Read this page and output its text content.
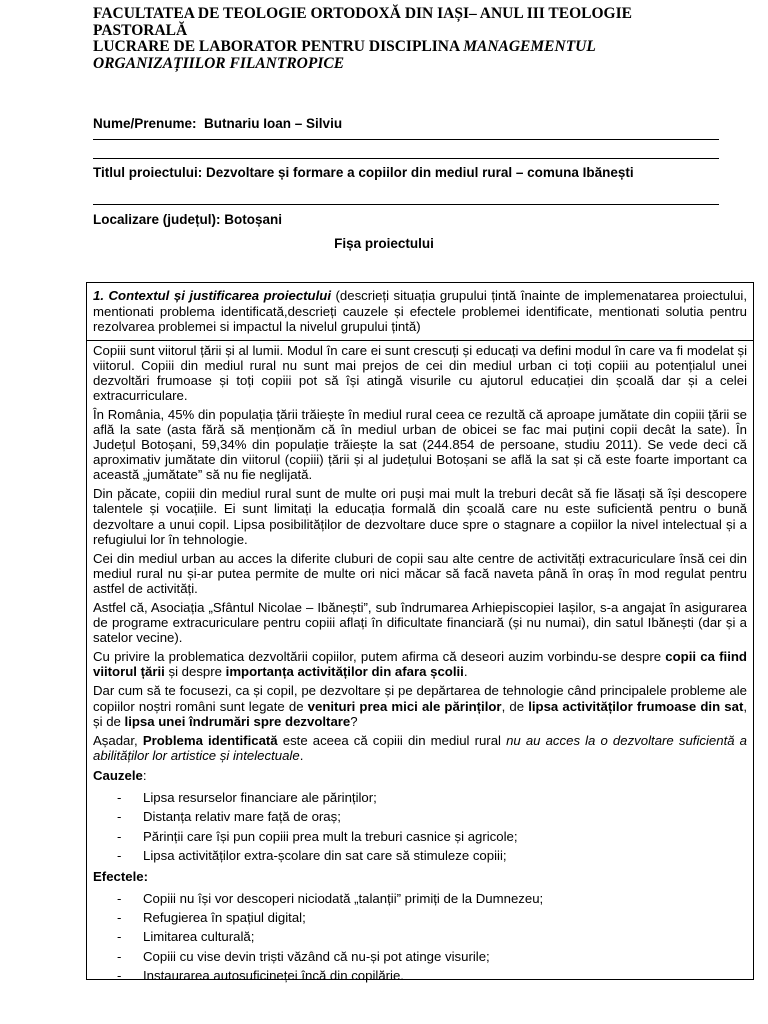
FACULTATEA DE TEOLOGIE ORTODOXĂ DIN IAȘI– ANUL III TEOLOGIE PASTORALĂ
LUCRARE DE LABORATOR PENTRU DISCIPLINA MANAGEMENTUL ORGANIZAȚIILOR FILANTROPICE
Nume/Prenume: Butnariu Ioan – Silviu
Titlul proiectului: Dezvoltare și formare a copiilor din mediul rural – comuna Ibănești
Localizare (județul): Botoșani
Fișa proiectului
1. Contextul și justificarea proiectului (descrieți situația grupului țintă înainte de implemenatarea proiectului, mentionati problema identificată,descrieți cauzele și efectele problemei identificate, mentionati solutia pentru rezolvarea problemei si impactul la nivelul grupului țintă)

Copiii sunt viitorul țării și al lumii. Modul în care ei sunt crescuți și educați va defini modul în care va fi modelat și viitorul. Copiii din mediul rural nu sunt mai prejos de cei din mediul urban ci toți copiii au potențialul unei dezvoltări frumoase și toți copiii pot să își atingă visurile cu ajutorul educației din școală dar și a celei extracurriculare.

În România, 45% din populația țării trăiește în mediul rural ceea ce rezultă că aproape jumătate din copiii țării se află la sate (asta fără să menționăm că în mediul urban de obicei se fac mai puțini copii decât la sate). În Județul Botoșani, 59,34% din populație trăiește la sat (244.854 de persoane, studiu 2011). Se vede deci că aproximativ jumătate din viitorul (copiii) țării și al județului Botoșani se află la sat și că este foarte important ca această „jumătate” să nu fie neglijată.

Din păcate, copiii din mediul rural sunt de multe ori puși mai mult la treburi decât să fie lăsați să își descopere talentele și vocațiile. Ei sunt limitați la educația formală din școală care nu este suficientă pentru o bună dezvoltare a unui copil. Lipsa posibilităților de dezvoltare duce spre o stagnare a copiilor la nivel intelectual și a refugiului lor în tehnologie.

Cei din mediul urban au acces la diferite cluburi de copii sau alte centre de activități extracuriculare însă cei din mediul rural nu și-ar putea permite de multe ori nici măcar să facă naveta până în oraș în mod regulat pentru astfel de activități.

Astfel că, Asociația „Sfântul Nicolae – Ibănești”, sub îndrumarea Arhiepiscopiei Iașilor, s-a angajat în asigurarea de programe extracuriculare pentru copiii aflați în dificultate financiară (și nu numai), din satul Ibănești (dar și a satelor vecine).

Cu privire la problematica dezvoltării copiilor, putem afirma că deseori auzim vorbindu-se despre copii ca fiind viitorul țării și despre importanța activităților din afara școlii.

Dar cum să te focusezi, ca și copil, pe dezvoltare și pe depărtarea de tehnologie când principalele probleme ale copiilor noștri români sunt legate de venituri prea mici ale părinților, de lipsa activităților frumoase din sat, și de lipsa unei îndrumări spre dezvoltare?

Așadar, Problema identificată este aceea că copiii din mediul rural nu au acces la o dezvoltare suficientă a abilităților lor artistice și intelectuale.

Cauzele:

- Lipsa resurselor financiare ale părinților;
- Distanța relativ mare față de oraș;
- Părinții care își pun copiii prea mult la treburi casnice și agricole;
- Lipsa activităților extra-școlare din sat care să stimuleze copiii;

Efectele:

- Copiii nu își vor descoperi niciodată „talanții” primiți de la Dumnezeu;
- Refugierea în spațiul digital;
- Limitarea culturală;
- Copiii cu vise devin triști văzând că nu-și pot atinge visurile;
- Instaurarea autosuficineței încă din copilărie.
